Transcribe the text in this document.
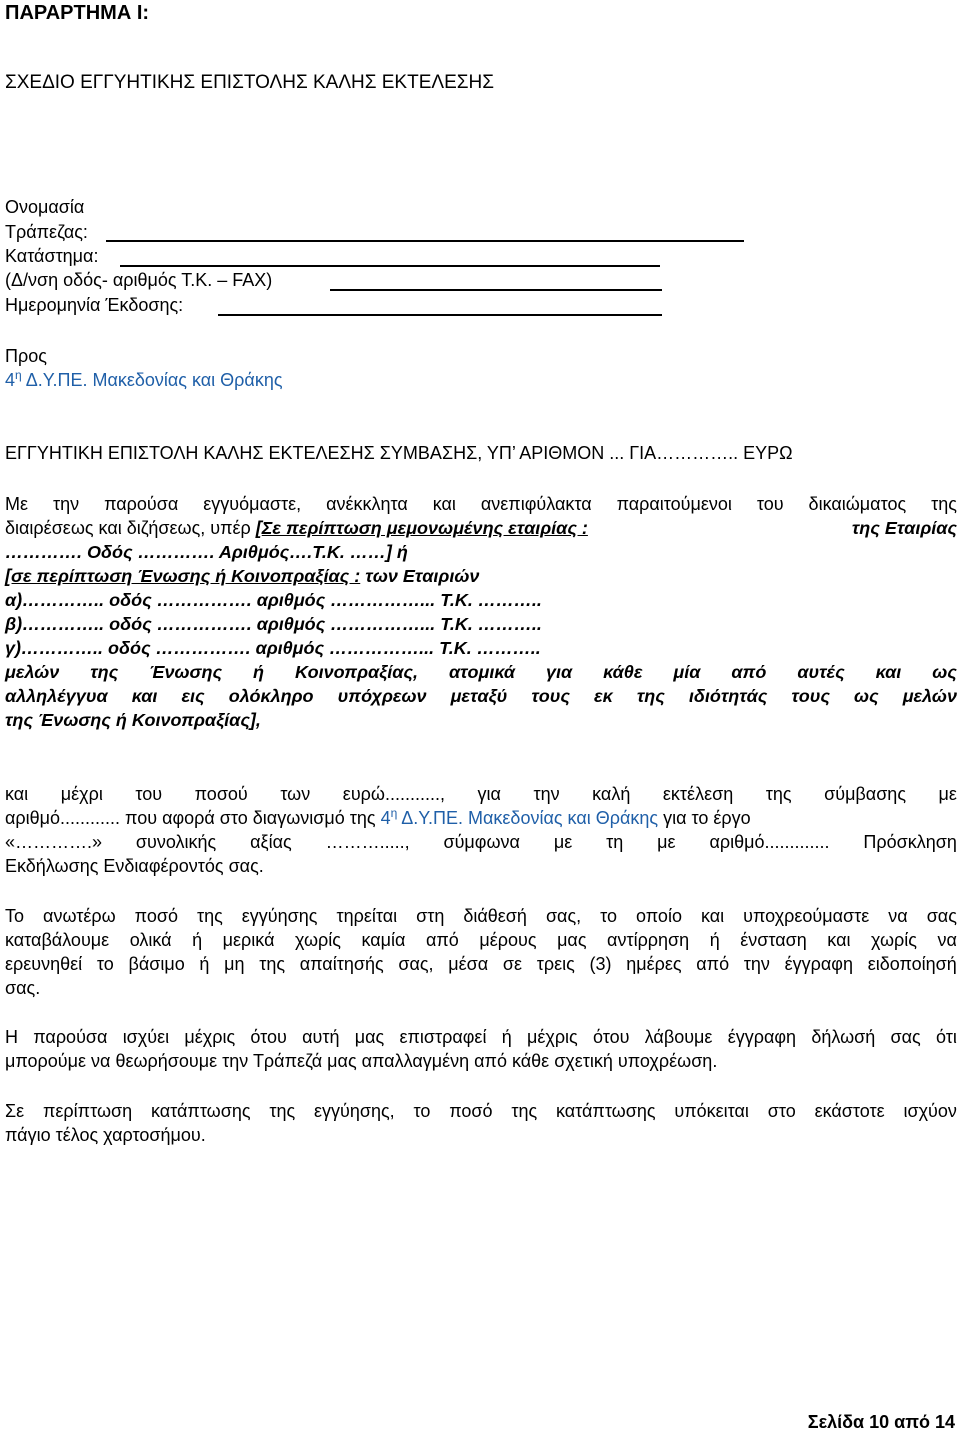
ΠΑΡΑΡΤΗΜΑ Ι:
ΣΧΕΔΙΟ ΕΓΓΥΗΤΙΚΗΣ ΕΠΙΣΤΟΛΗΣ ΚΑΛΗΣ ΕΚΤΕΛΕΣΗΣ
Ονομασία
Τράπεζας:
Κατάστημα:
(Δ/νση οδός- αριθμός Τ.Κ. – FAX)
Ημερομηνία Έκδοσης:
Προς
$4^\eta$ Δ.Υ.ΠΕ. Μακεδονίας και Θράκης
ΕΓΓΥΗΤΙΚΗ ΕΠΙΣΤΟΛΗ ΚΑΛΗΣ ΕΚΤΕΛΕΣΗΣ ΣΥΜΒΑΣΗΣ, ΥΠ’ ΑΡΙΘΜΟΝ ... ΓΙΑ………….. ΕΥΡΩ
Με την παρούσα εγγυόμαστε, ανέκκλητα και ανεπιφύλακτα παραιτούμενοι του δικαιώματος της
διαιρέσεως και διζήσεως, υπέρ [Σε περίπτωση μεμονωμένης εταιρίας :	της Εταιρίας
…………. Οδός …………. Αριθμός….Τ.Κ. ……] ή
[σε περίπτωση Ένωσης ή Κοινοπραξίας : των Εταιριών
α)………….. οδός ……………. αριθμός ……………... Τ.Κ. ………..
β)………….. οδός ……………. αριθμός ……………... Τ.Κ. ………..
γ)………….. οδός ……………. αριθμός ……………... Τ.Κ. ………..
μελών της Ένωσης ή Κοινοπραξίας, ατομικά για κάθε μία από αυτές και ως
αλληλέγγυα και εις ολόκληρο υπόχρεων μεταξύ τους εκ της ιδιότητάς τους ως μελών
της Ένωσης ή Κοινοπραξίας],
και μέχρι του ποσού των ευρώ..........., για την καλή εκτέλεση της σύμβασης με
αριθμό............ που αφορά στο διαγωνισμό της $4^\eta$ Δ.Υ.ΠΕ. Μακεδονίας και Θράκης για το έργο
«………….» συνολικής αξίας ………....., σύμφωνα με τη με αριθμό............. Πρόσκληση
Εκδήλωσης Ενδιαφέροντός σας.
Το ανωτέρω ποσό της εγγύησης τηρείται στη διάθεσή σας, το οποίο και υποχρεούμαστε να σας
καταβάλουμε ολικά ή μερικά χωρίς καμία από μέρους μας αντίρρηση ή ένσταση και χωρίς να
ερευνηθεί το βάσιμο ή μη της απαίτησής σας, μέσα σε τρεις (3) ημέρες από την έγγραφη ειδοποίησή
σας.
Η παρούσα ισχύει μέχρις ότου αυτή μας επιστραφεί ή μέχρις ότου λάβουμε έγγραφη δήλωσή σας ότι
μπορούμε να θεωρήσουμε την Τράπεζά μας απαλλαγμένη από κάθε σχετική υποχρέωση.
Σε περίπτωση κατάπτωσης της εγγύησης, το ποσό της κατάπτωσης υπόκειται στο εκάστοτε ισχύον
πάγιο τέλος χαρτοσήμου.
Σελίδα 10 από 14
